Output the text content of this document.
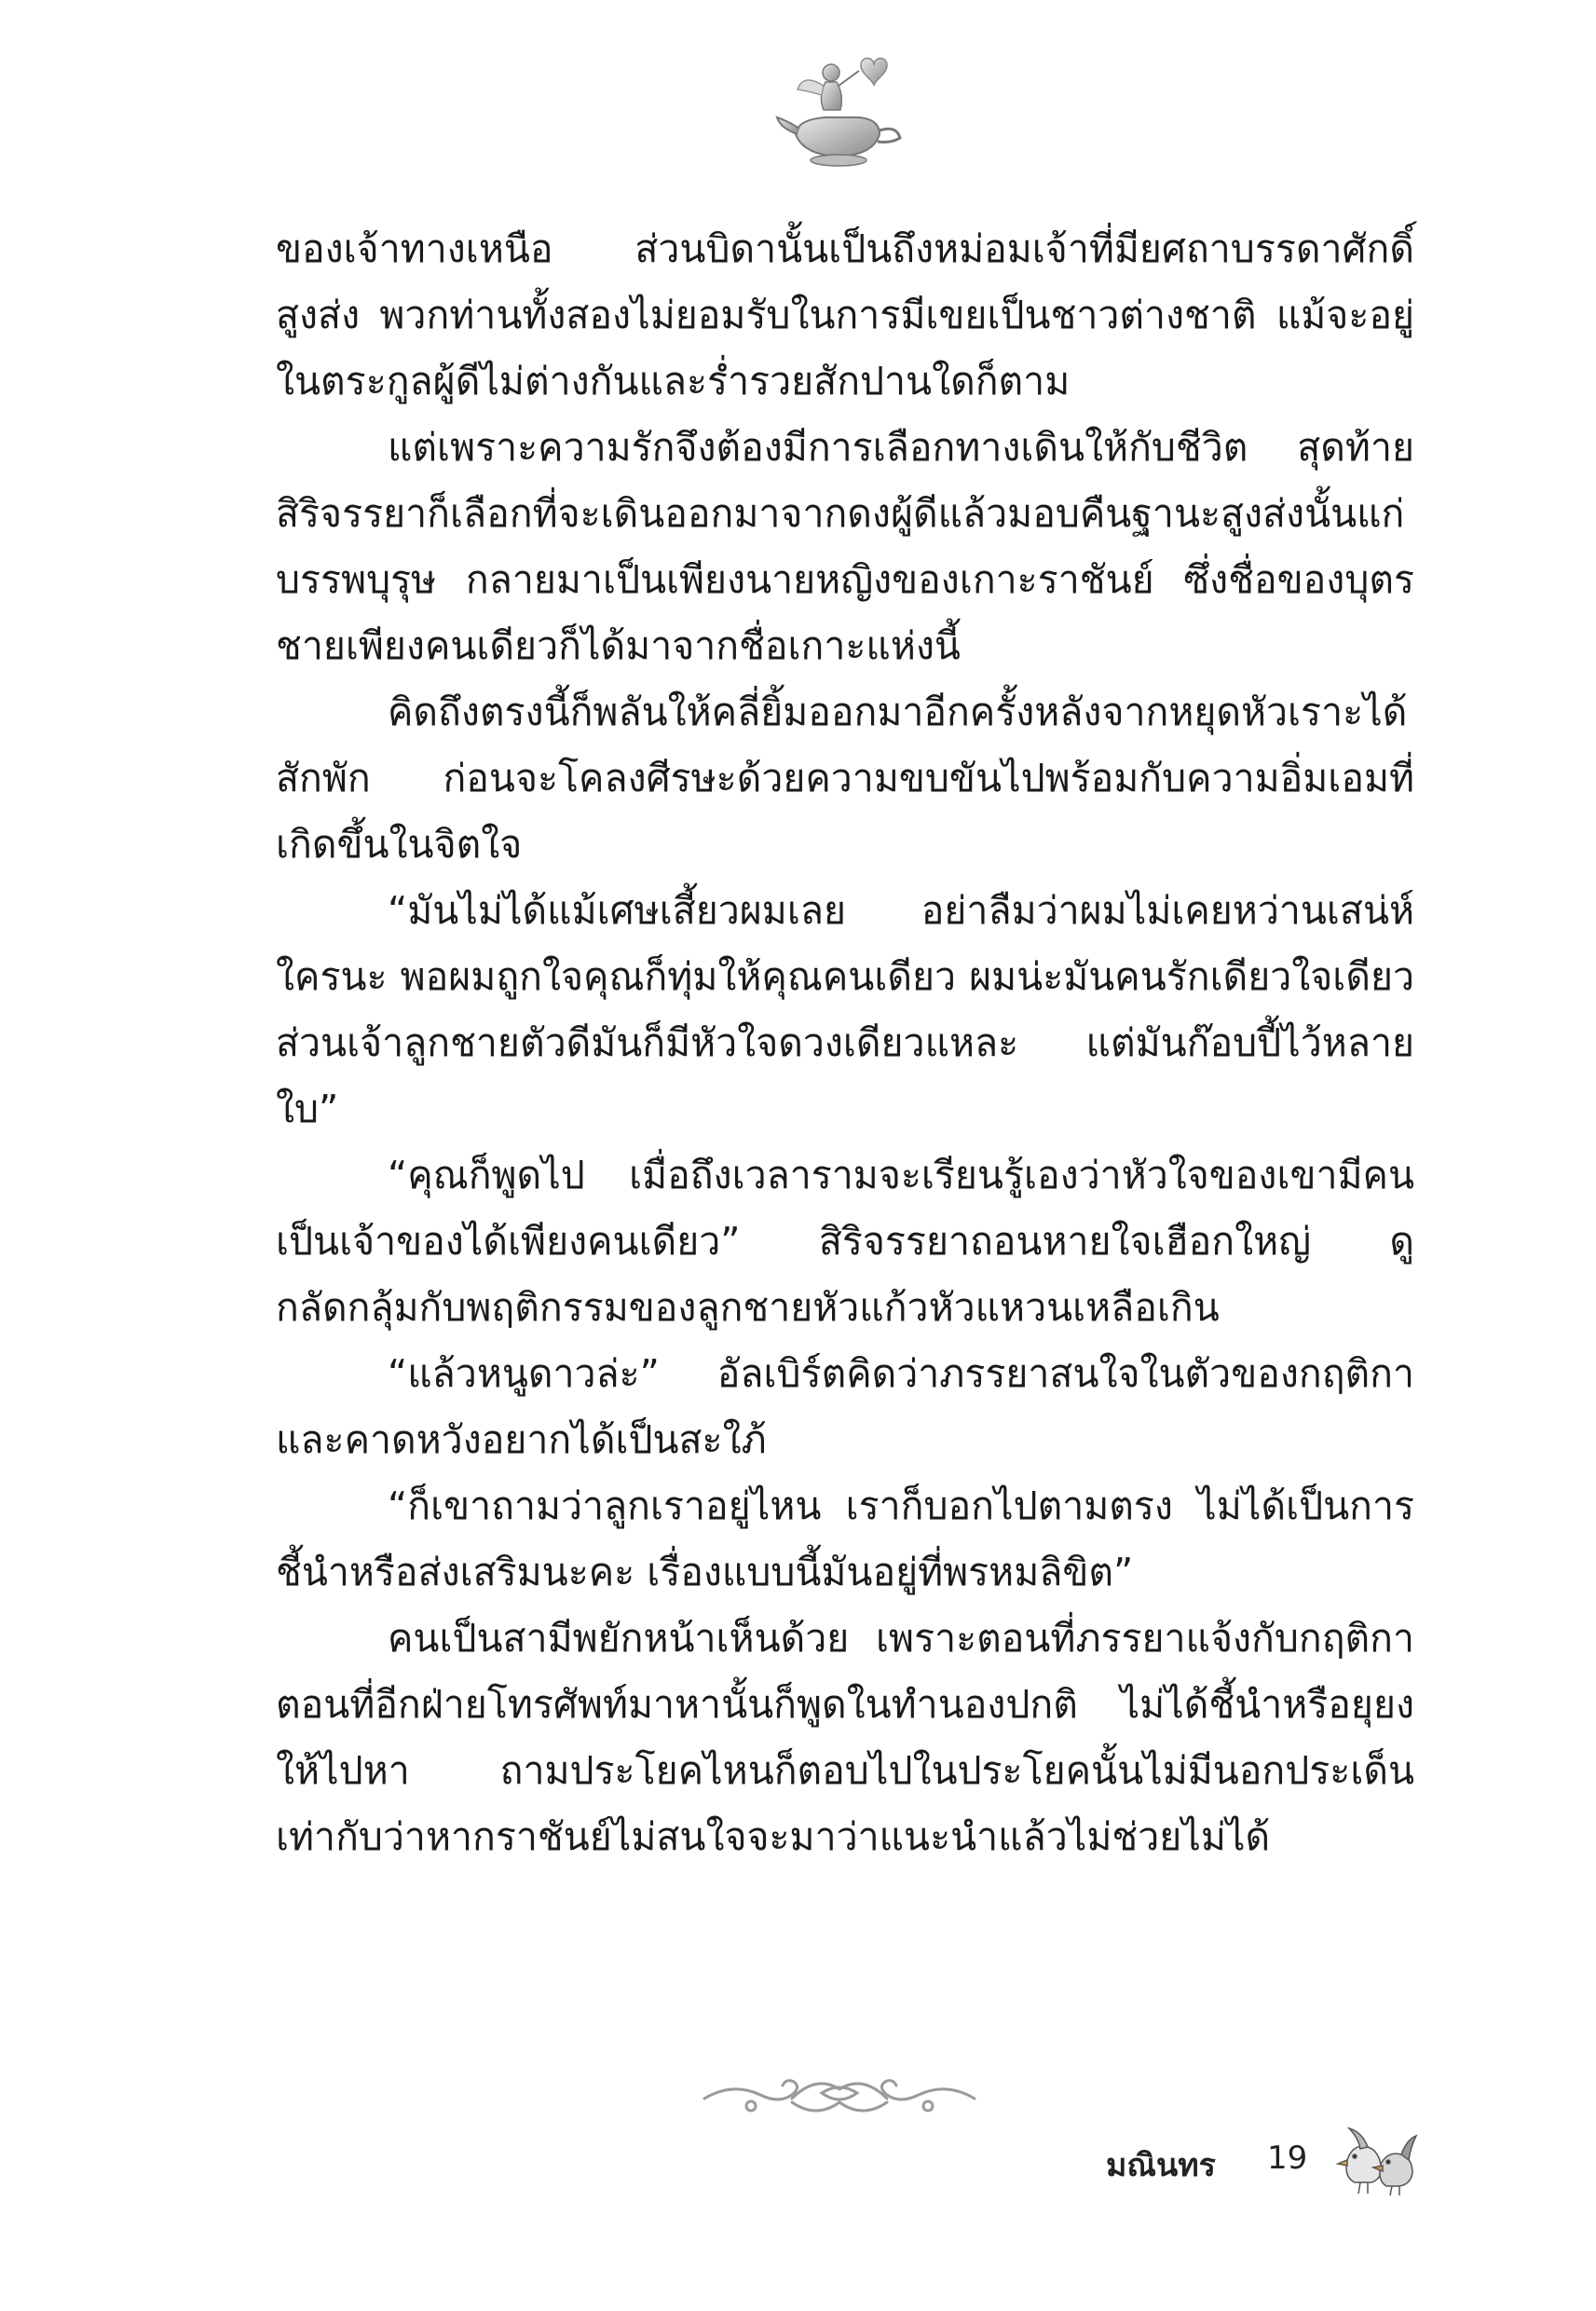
ของเจ้าทางเหนือ ส่วนบิดานั้นเป็นถึงหม่อมเจ้าที่มียศถาบรรดาศักดิ์สูงส่ง พวกท่านทั้งสองไม่ยอมรับในการมีเขยเป็นชาวต่างชาติ แม้จะอยู่ในตระกูลผู้ดีไม่ต่างกันและร่ำรวยสักปานใดก็ตาม

แต่เพราะความรักจึงต้องมีการเลือกทางเดินให้กับชีวิต สุดท้ายสิริจรรยาก็เลือกที่จะเดินออกมาจากดงผู้ดีแล้วมอบคืนฐานะสูงส่งนั้นแก่บรรพบุรุษ กลายมาเป็นเพียงนายหญิงของเกาะราชันย์ ซึ่งชื่อของบุตรชายเพียงคนเดียวก็ได้มาจากชื่อเกาะแห่งนี้

คิดถึงตรงนี้ก็พลันให้คลี่ยิ้มออกมาอีกครั้งหลังจากหยุดหัวเราะได้สักพัก ก่อนจะโคลงศีรษะด้วยความขบขันไปพร้อมกับความอิ่มเอมที่เกิดขึ้นในจิตใจ

“มันไม่ได้แม้เศษเสี้ยวผมเลย อย่าลืมว่าผมไม่เคยหว่านเสน่ห์ใครนะ พอผมถูกใจคุณก็ทุ่มให้คุณคนเดียว ผมน่ะมันคนรักเดียวใจเดียว ส่วนเจ้าลูกชายตัวดีมันก็มีหัวใจดวงเดียวแหละ แต่มันก๊อบปี้ไว้หลายใบ”

“คุณก็พูดไป เมื่อถึงเวลารามจะเรียนรู้เองว่าหัวใจของเขามีคนเป็นเจ้าของได้เพียงคนเดียว” สิริจรรยาถอนหายใจเฮือกใหญ่ ดูกลัดกลุ้มกับพฤติกรรมของลูกชายหัวแก้วหัวแหวนเหลือเกิน

“แล้วหนูดาวล่ะ” อัลเบิร์ตคิดว่าภรรยาสนใจในตัวของกฤติกาและคาดหวังอยากได้เป็นสะใภ้

“ก็เขาถามว่าลูกเราอยู่ไหน เราก็บอกไปตามตรง ไม่ได้เป็นการชี้นำหรือส่งเสริมนะคะ เรื่องแบบนี้มันอยู่ที่พรหมลิขิต”

คนเป็นสามีพยักหน้าเห็นด้วย เพราะตอนที่ภรรยาแจ้งกับกฤติกาตอนที่อีกฝ่ายโทรศัพท์มาหานั้นก็พูดในทำนองปกติ ไม่ได้ชี้นำหรือยุยงให้ไปหา ถามประโยคไหนก็ตอบไปในประโยคนั้นไม่มีนอกประเด็นเท่ากับว่าหากราชันย์ไม่สนใจจะมาว่าแนะนำแล้วไม่ช่วยไม่ได้

มณินทร 19
